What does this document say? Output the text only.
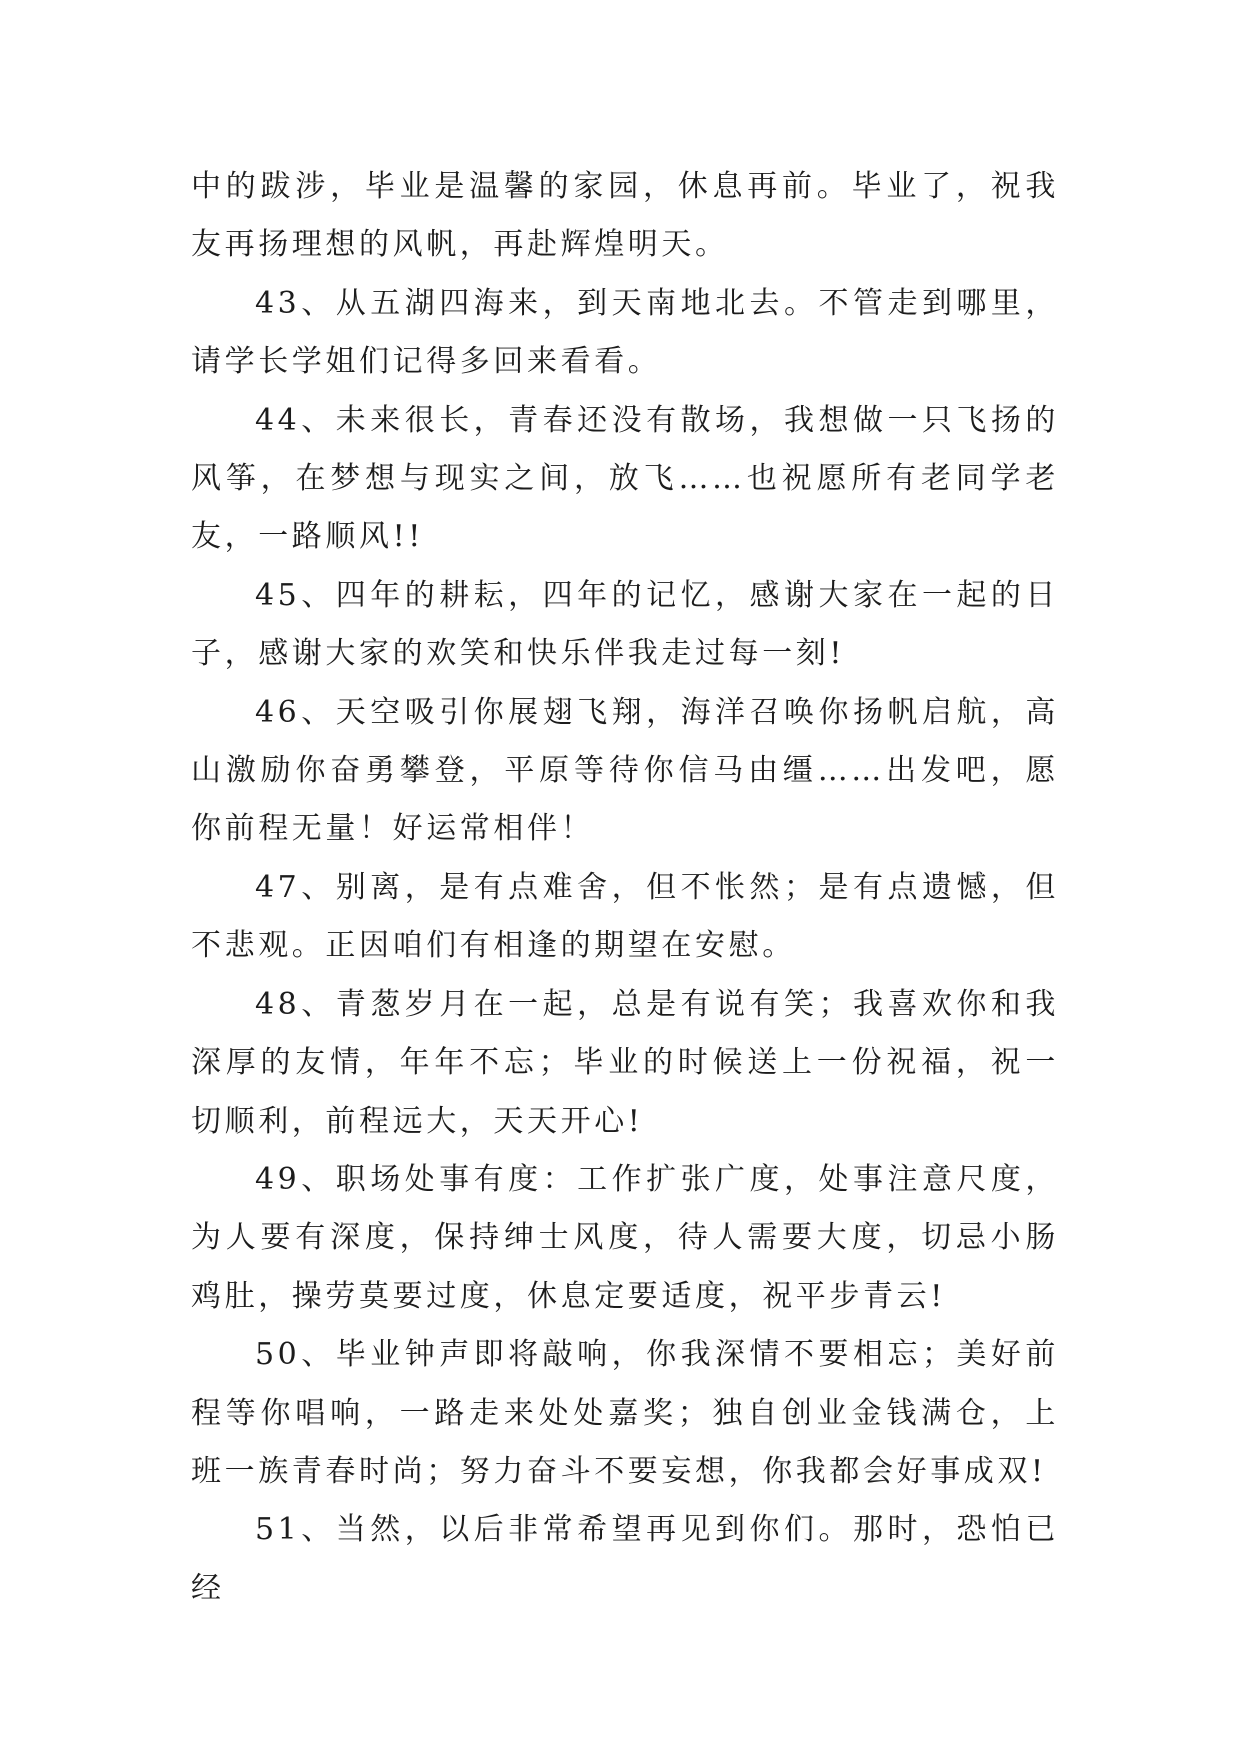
中的跋涉，毕业是温馨的家园，休息再前。毕业了，祝我友再扬理想的风帆，再赴辉煌明天。

43、从五湖四海来，到天南地北去。不管走到哪里，请学长学姐们记得多回来看看。

44、未来很长，青春还没有散场，我想做一只飞扬的风筝，在梦想与现实之间，放飞……也祝愿所有老同学老友，一路顺风!!

45、四年的耕耘，四年的记忆，感谢大家在一起的日子，感谢大家的欢笑和快乐伴我走过每一刻!

46、天空吸引你展翅飞翔，海洋召唤你扬帆启航，高山激励你奋勇攀登，平原等待你信马由缰……出发吧，愿你前程无量！好运常相伴！

47、别离，是有点难舍，但不怅然；是有点遗憾，但不悲观。正因咱们有相逢的期望在安慰。

48、青葱岁月在一起，总是有说有笑；我喜欢你和我深厚的友情，年年不忘；毕业的时候送上一份祝福，祝一切顺利，前程远大，天天开心!

49、职场处事有度：工作扩张广度，处事注意尺度，为人要有深度，保持绅士风度，待人需要大度，切忌小肠鸡肚，操劳莫要过度，休息定要适度，祝平步青云!

50、毕业钟声即将敲响，你我深情不要相忘；美好前程等你唱响，一路走来处处嘉奖；独自创业金钱满仓，上班一族青春时尚；努力奋斗不要妄想，你我都会好事成双!

51、当然，以后非常希望再见到你们。那时，恐怕已经
